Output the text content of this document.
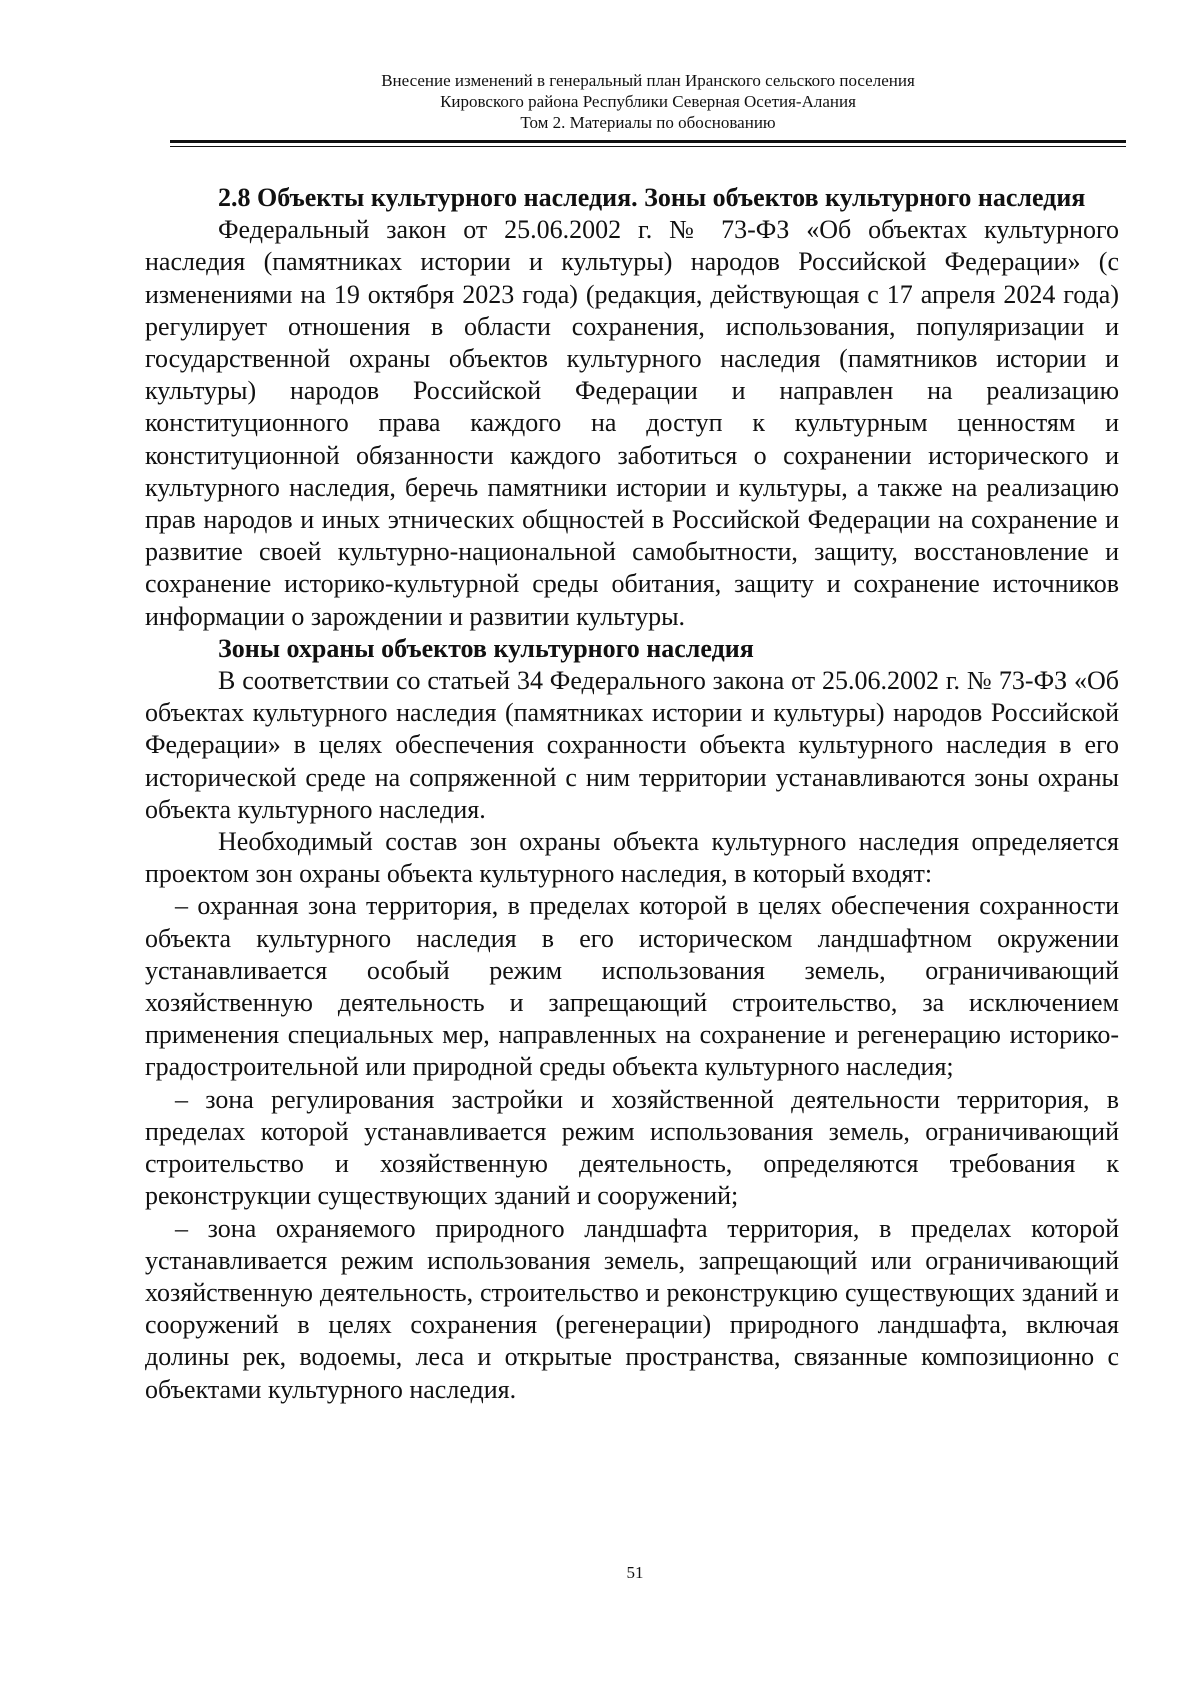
Внесение изменений в генеральный план Иранского сельского поселения
Кировского района Республики Северная Осетия-Алания
Том 2. Материалы по обоснованию

2.8 Объекты культурного наследия. Зоны объектов культурного наследия

Федеральный закон от 25.06.2002 г. № 73-ФЗ «Об объектах культурного наследия (памятниках истории и культуры) народов Российской Федерации» (с изменениями на 19 октября 2023 года) (редакция, действующая с 17 апреля 2024 года) регулирует отношения в области сохранения, использования, популяризации и государственной охраны объектов культурного наследия (памятников истории и культуры) народов Российской Федерации и направлен на реализацию конституционного права каждого на доступ к культурным ценностям и конституционной обязанности каждого заботиться о сохранении исторического и культурного наследия, беречь памятники истории и культуры, а также на реализацию прав народов и иных этнических общностей в Российской Федерации на сохранение и развитие своей культурно-национальной самобытности, защиту, восстановление и сохранение историко-культурной среды обитания, защиту и сохранение источников информации о зарождении и развитии культуры.

Зоны охраны объектов культурного наследия

В соответствии со статьей 34 Федерального закона от 25.06.2002 г. № 73-ФЗ «Об объектах культурного наследия (памятниках истории и культуры) народов Российской Федерации» в целях обеспечения сохранности объекта культурного наследия в его исторической среде на сопряженной с ним территории устанавливаются зоны охраны объекта культурного наследия.

Необходимый состав зон охраны объекта культурного наследия определяется проектом зон охраны объекта культурного наследия, в который входят:

– охранная зона территория, в пределах которой в целях обеспечения сохранности объекта культурного наследия в его историческом ландшафтном окружении устанавливается особый режим использования земель, ограничивающий хозяйственную деятельность и запрещающий строительство, за исключением применения специальных мер, направленных на сохранение и регенерацию историко-градостроительной или природной среды объекта культурного наследия;

– зона регулирования застройки и хозяйственной деятельности территория, в пределах которой устанавливается режим использования земель, ограничивающий строительство и хозяйственную деятельность, определяются требования к реконструкции существующих зданий и сооружений;

– зона охраняемого природного ландшафта территория, в пределах которой устанавливается режим использования земель, запрещающий или ограничивающий хозяйственную деятельность, строительство и реконструкцию существующих зданий и сооружений в целях сохранения (регенерации) природного ландшафта, включая долины рек, водоемы, леса и открытые пространства, связанные композиционно с объектами культурного наследия.

51
